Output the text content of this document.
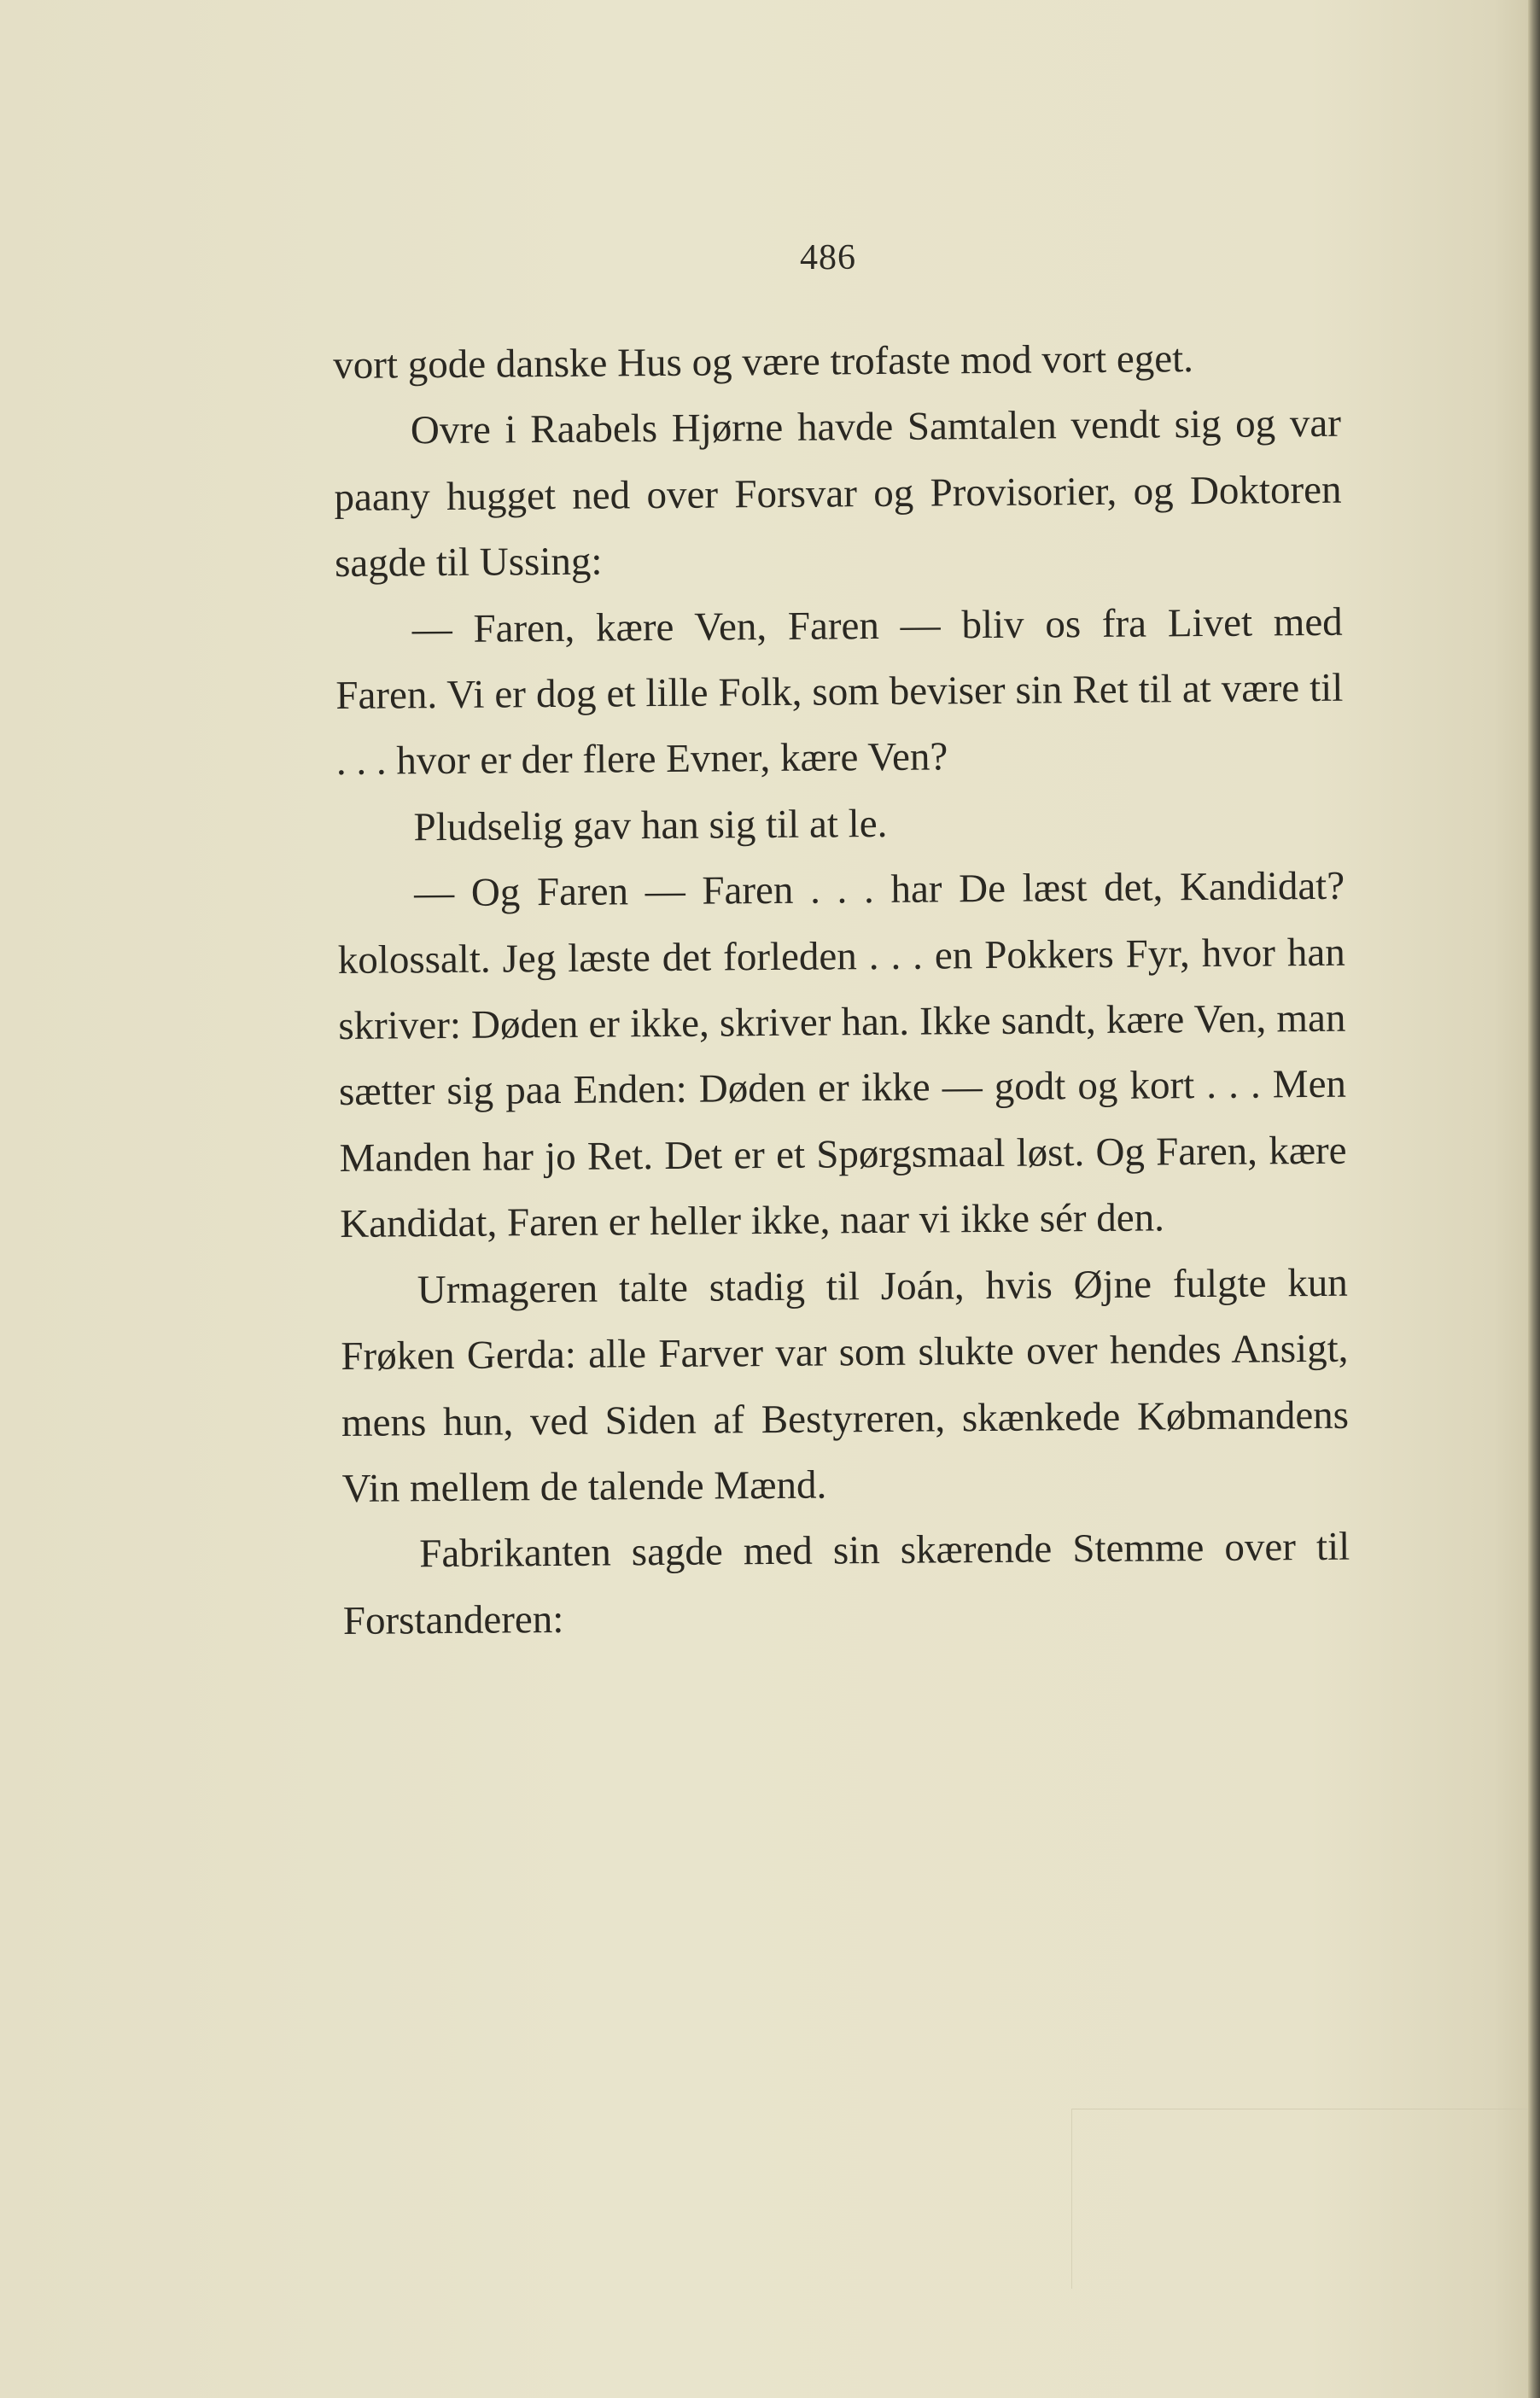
486

vort gode danske Hus og være trofaste mod vort eget.

Ovre i Raabels Hjørne havde Samtalen vendt sig og var paany hugget ned over Forsvar og Provisorier, og Doktoren sagde til Ussing:

— Faren, kære Ven, Faren — bliv os fra Livet med Faren. Vi er dog et lille Folk, som beviser sin Ret til at være til . . . hvor er der flere Evner, kære Ven?

Pludselig gav han sig til at le.

— Og Faren — Faren . . . har De læst det, Kandidat? kolossalt. Jeg læste det forleden . . . en Pokkers Fyr, hvor han skriver: Døden er ikke, skriver han. Ikke sandt, kære Ven, man sætter sig paa Enden: Døden er ikke — godt og kort . . . Men Manden har jo Ret. Det er et Spørgsmaal løst. Og Faren, kære Kandidat, Faren er heller ikke, naar vi ikke sér den.

Urmageren talte stadig til Joán, hvis Øjne fulgte kun Frøken Gerda: alle Farver var som slukte over hendes Ansigt, mens hun, ved Siden af Bestyreren, skænkede Købmandens Vin mellem de talende Mænd.

Fabrikanten sagde med sin skærende Stemme over til Forstanderen:
